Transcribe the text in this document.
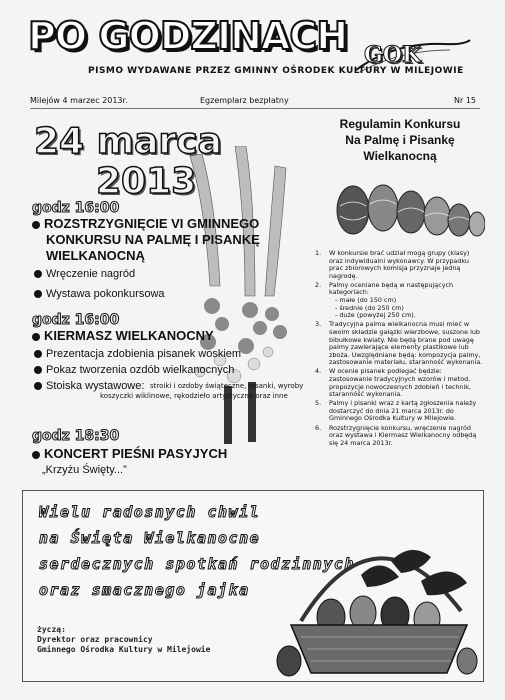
PO GODZINACH GOK
PISMO WYDAWANE PRZEZ GMINNY OŚRODEK KULTURY W MILEJOWIE
Milejów 4 marzec 2013r.	Egzemplarz bezpłatny	Nr 15
24 marca
2013
godz 16:00
ROZSTRZYGNIĘCIE VI GMINNEGO
KONKURSU NA PALMĘ I PISANKĘ
WIELKANOCNĄ
Wręczenie nagród
Wystawa pokonkursowa
godz 16:00
KIERMASZ WIELKANOCNY
Prezentacja zdobienia pisanek woskiem
Pokaz tworzenia ozdób wielkanocnych
Stoiska wystawowe: stroiki i ozdoby świąteczne, pisanki, wyroby
koszyczki wiklinowe, rękodzieło artystyczne oraz inne
godz 18:30
KONCERT PIEŚNI PASYJYCH
„Krzyżu Święty...”
Regulamin Konkursu
Na Palmę i Pisankę
Wielkanocną
1. W konkursie brać udział mogą grupy (klasy) oraz indywidualni wykonawcy. W przypadku prac zbiorowych komisja przyznaje jedną nagrodę.
2. Palmy oceniane będą w następujących kategoriach:
- małe (do 150 cm)
- średnie (do 250 cm)
- duże (powyżej 250 cm).
3. Tradycyjna palma wielkanocna musi mieć w swoim składzie gałązki wierzbowe, suszone lub bibułkowe kwiaty. Nie będą brane pod uwagę palmy zawierające elementy plastikowe lub zboża. Uwzględniane będą: kompozycja palmy, zastosowanie materiału, staranność wykonania.
4. W ocenie pisanek podlegać będzie: zastosowanie tradycyjnych wzorów i metod, propozycje nowoczesnych zdobień i technik, starannóść wykonania.
5. Palmy i pisanki wraz z kartą zgłoszenia należy dostarczyć do dnia 21 marca 2013r. do Gminnego Ośrodka Kultury w Milejowie.
6. Rozstrzygnięcie konkursu, wręczenie nagród oraz wystawa i Kiermasz Wielkanocny odbędą się 24 marca 2013r.
Wielu radosnych chwil
na Święta Wielkanocne
serdecznych spotkań rodzinnych
oraz smacznego jajka
życzą:
Dyrektor oraz pracownicy
Gminnego Ośrodka Kultury w Milejowie
